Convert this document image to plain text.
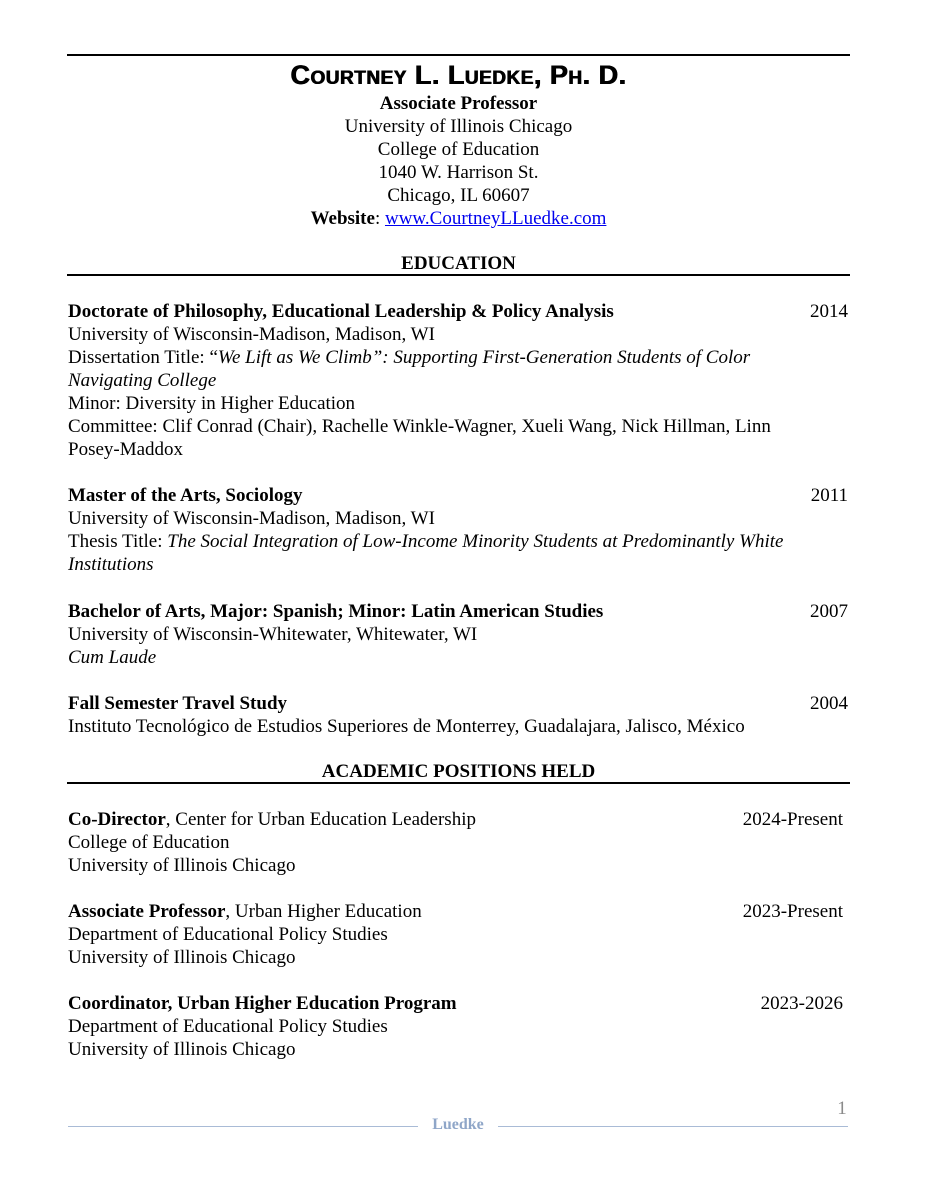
Courtney L. Luedke, Ph. D.
Associate Professor
University of Illinois Chicago
College of Education
1040 W. Harrison St.
Chicago, IL 60607
Website: www.CourtneyLLuedke.com
EDUCATION
Doctorate of Philosophy, Educational Leadership & Policy Analysis	2014
University of Wisconsin-Madison, Madison, WI
Dissertation Title: “We Lift as We Climb”: Supporting First-Generation Students of Color
Navigating College
Minor: Diversity in Higher Education
Committee: Clif Conrad (Chair), Rachelle Winkle-Wagner, Xueli Wang, Nick Hillman, Linn
Posey-Maddox
Master of the Arts, Sociology	2011
University of Wisconsin-Madison, Madison, WI
Thesis Title: The Social Integration of Low-Income Minority Students at Predominantly White
Institutions
Bachelor of Arts, Major: Spanish; Minor: Latin American Studies	2007
University of Wisconsin-Whitewater, Whitewater, WI
Cum Laude
Fall Semester Travel Study	2004
Instituto Tecnológico de Estudios Superiores de Monterrey, Guadalajara, Jalisco, México
ACADEMIC POSITIONS HELD
Co-Director, Center for Urban Education Leadership	2024-Present
College of Education
University of Illinois Chicago
Associate Professor, Urban Higher Education	2023-Present
Department of Educational Policy Studies
University of Illinois Chicago
Coordinator, Urban Higher Education Program	2023-2026
Department of Educational Policy Studies
University of Illinois Chicago
1
Luedke
